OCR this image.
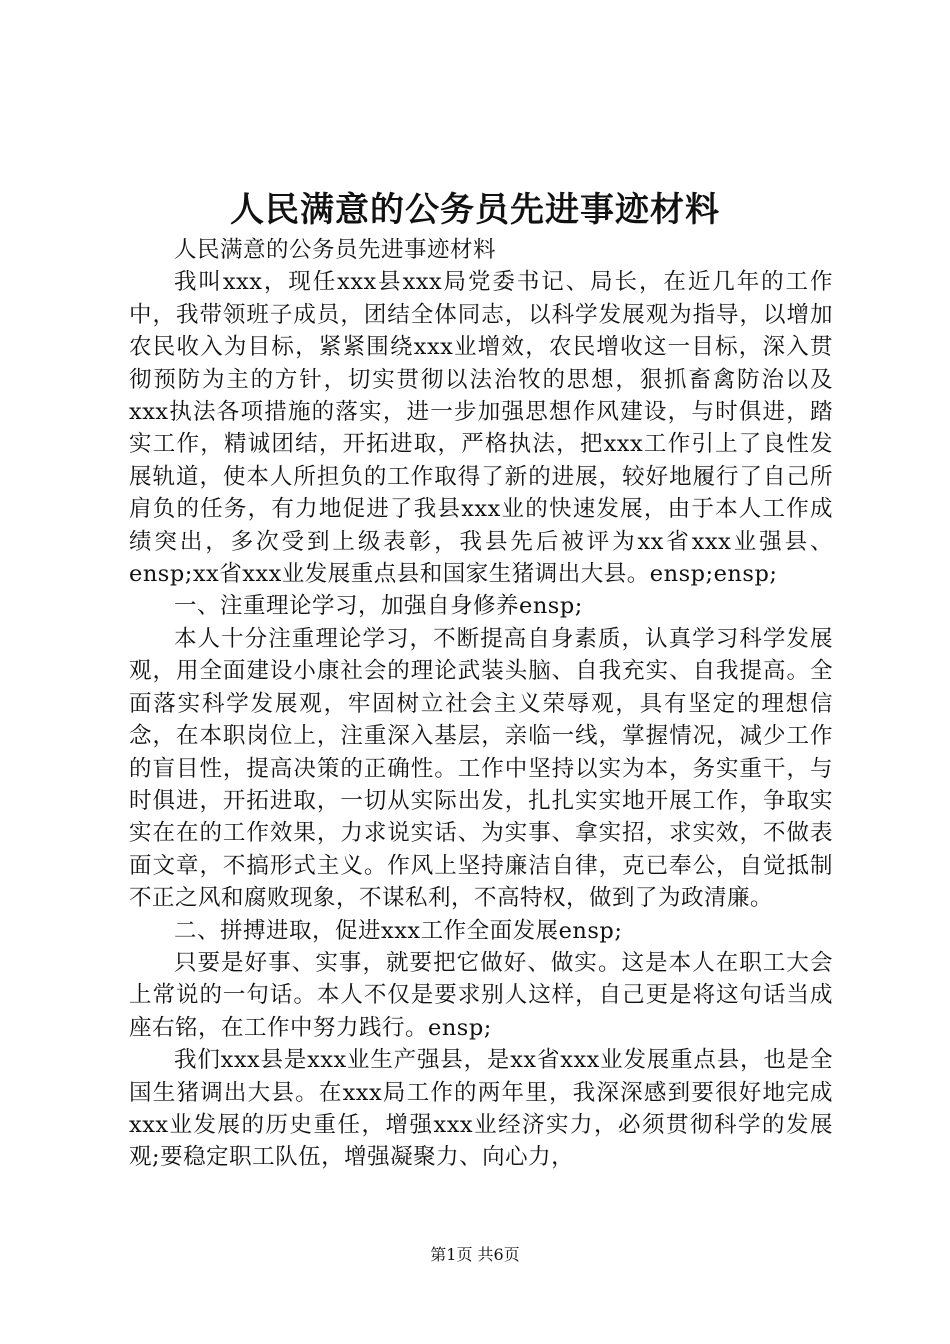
人民满意的公务员先进事迹材料

人民满意的公务员先进事迹材料

我叫xxx，现任xxx县xxx局党委书记、局长，在近几年的工作中，我带领班子成员，团结全体同志，以科学发展观为指导，以增加农民收入为目标，紧紧围绕xxx业增效，农民增收这一目标，深入贯彻预防为主的方针，切实贯彻以法治牧的思想，狠抓畜禽防治以及xxx执法各项措施的落实，进一步加强思想作风建设，与时俱进，踏实工作，精诚团结，开拓进取，严格执法，把xxx工作引上了良性发展轨道，使本人所担负的工作取得了新的进展，较好地履行了自己所肩负的任务，有力地促进了我县xxx业的快速发展，由于本人工作成绩突出，多次受到上级表彰，我县先后被评为xx省xxx业强县、ensp;xx省xxx业发展重点县和国家生猪调出大县。ensp;ensp;

一、注重理论学习，加强自身修养ensp;

本人十分注重理论学习，不断提高自身素质，认真学习科学发展观，用全面建设小康社会的理论武装头脑、自我充实、自我提高。全面落实科学发展观，牢固树立社会主义荣辱观，具有坚定的理想信念，在本职岗位上，注重深入基层，亲临一线，掌握情况，减少工作的盲目性，提高决策的正确性。工作中坚持以实为本，务实重干，与时俱进，开拓进取，一切从实际出发，扎扎实实地开展工作，争取实实在在的工作效果，力求说实话、为实事、拿实招，求实效，不做表面文章，不搞形式主义。作风上坚持廉洁自律，克已奉公，自觉抵制不正之风和腐败现象，不谋私利，不高特权，做到了为政清廉。

二、拼搏进取，促进xxx工作全面发展ensp;

只要是好事、实事，就要把它做好、做实。这是本人在职工大会上常说的一句话。本人不仅是要求别人这样，自己更是将这句话当成座右铭，在工作中努力践行。ensp;

我们xxx县是xxx业生产强县，是xx省xxx业发展重点县，也是全国生猪调出大县。在xxx局工作的两年里，我深深感到要很好地完成xxx业发展的历史重任，增强xxx业经济实力，必须贯彻科学的发展观;要稳定职工队伍，增强凝聚力、向心力，

第1页 共6页
